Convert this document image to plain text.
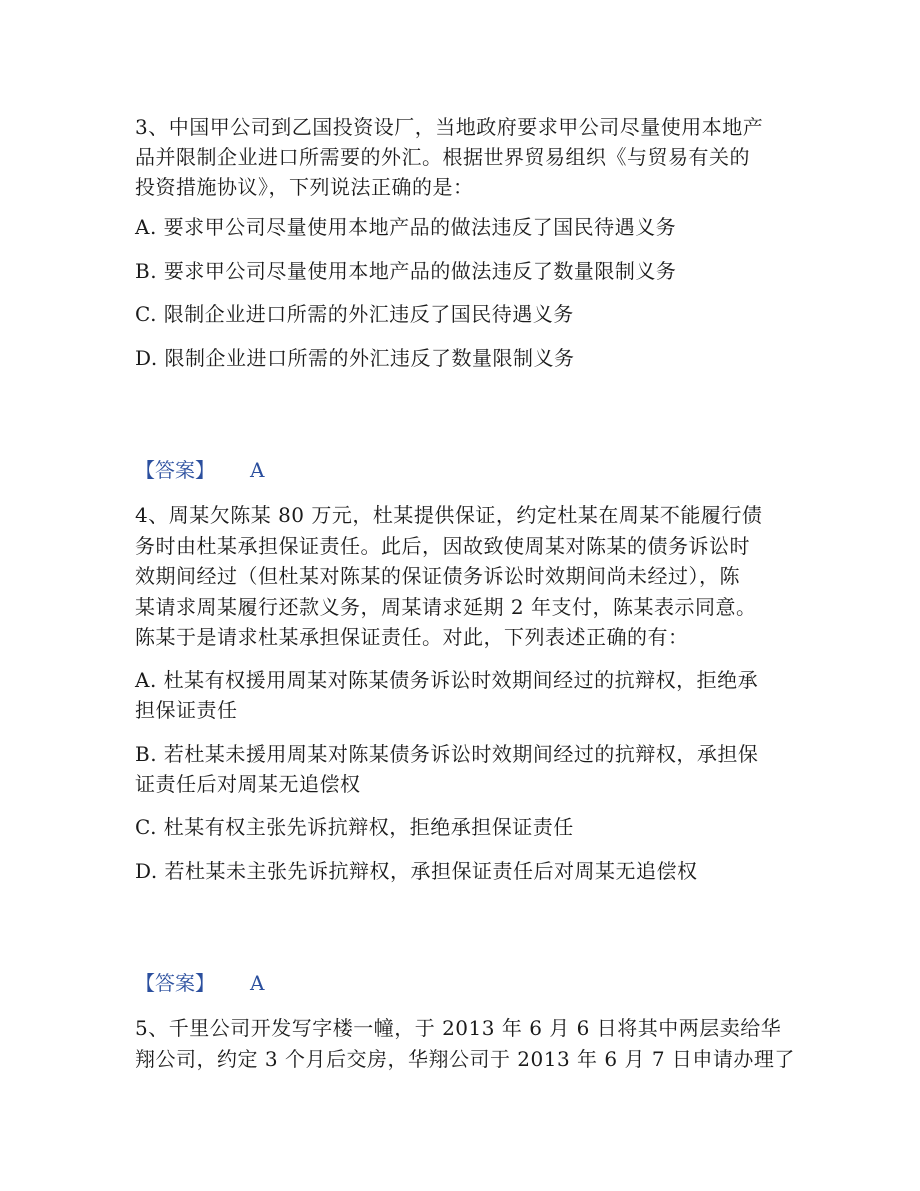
3、中国甲公司到乙国投资设厂，当地政府要求甲公司尽量使用本地产
品并限制企业进口所需要的外汇。根据世界贸易组织《与贸易有关的
投资措施协议》，下列说法正确的是：
A. 要求甲公司尽量使用本地产品的做法违反了国民待遇义务
B. 要求甲公司尽量使用本地产品的做法违反了数量限制义务
C. 限制企业进口所需的外汇违反了国民待遇义务
D. 限制企业进口所需的外汇违反了数量限制义务
【答案】 A
4、周某欠陈某 80 万元，杜某提供保证，约定杜某在周某不能履行债
务时由杜某承担保证责任。此后，因故致使周某对陈某的债务诉讼时
效期间经过（但杜某对陈某的保证债务诉讼时效期间尚未经过），陈
某请求周某履行还款义务，周某请求延期 2 年支付，陈某表示同意。
陈某于是请求杜某承担保证责任。对此，下列表述正确的有：
A. 杜某有权援用周某对陈某债务诉讼时效期间经过的抗辩权，拒绝承
担保证责任
B. 若杜某未援用周某对陈某债务诉讼时效期间经过的抗辩权，承担保
证责任后对周某无追偿权
C. 杜某有权主张先诉抗辩权，拒绝承担保证责任
D. 若杜某未主张先诉抗辩权，承担保证责任后对周某无追偿权
【答案】 A
5、千里公司开发写字楼一幢，于 2013 年 6 月 6 日将其中两层卖给华
翔公司，约定 3 个月后交房，华翔公司于 2013 年 6 月 7 日申请办理了
